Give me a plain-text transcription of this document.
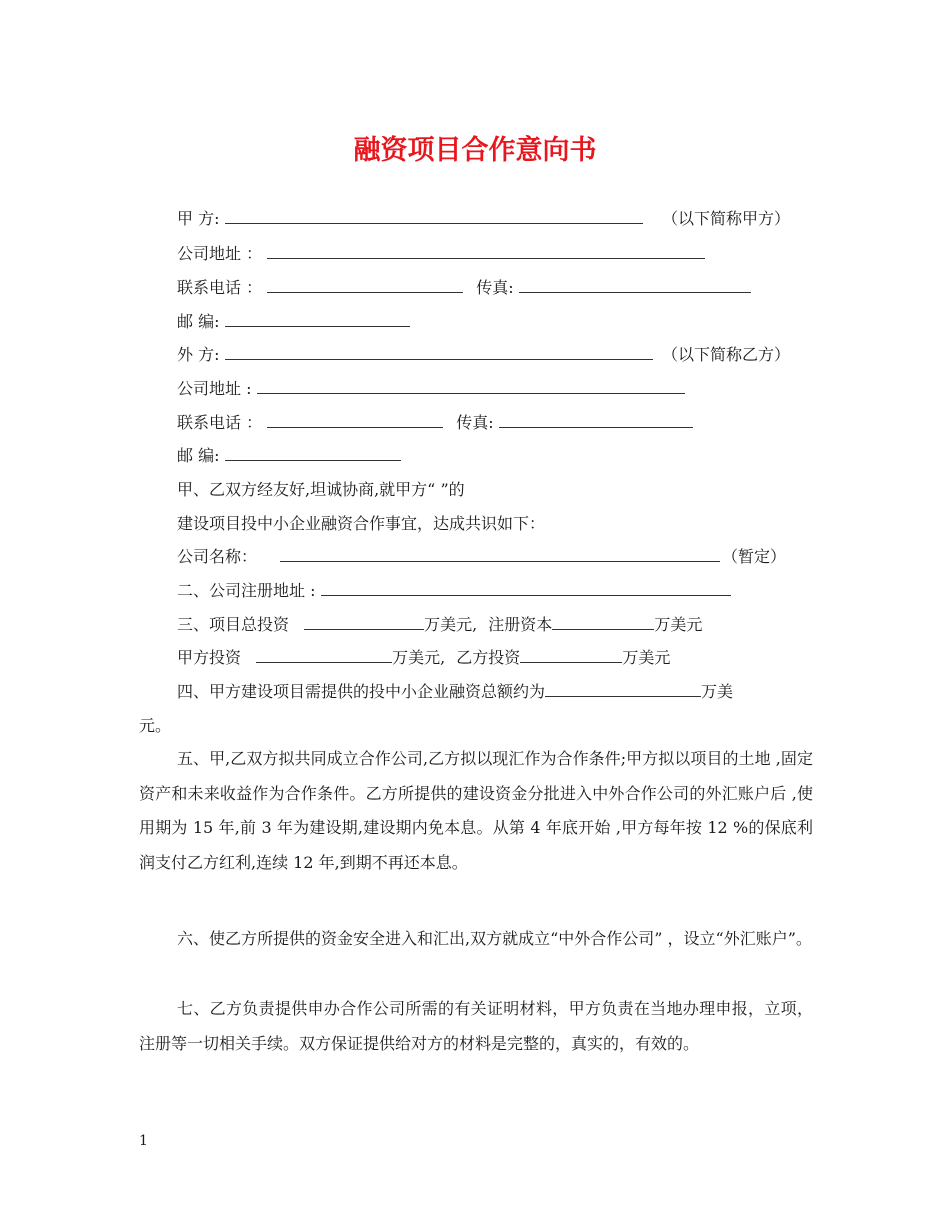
融资项目合作意向书
甲 方:	（以下简称甲方）
公司地址 ：
联系电话 ：	传真:
邮 编:
外 方:	（以下简称乙方）
公司地址 :
联系电话 ：	传真:
邮 编:
甲、乙双方经友好,坦诚协商,就甲方“ ”的
建设项目投中小企业融资合作事宜，达成共识如下：
公司名称：	（暂定）
二、公司注册地址 :
三、项目总投资	万美元, 注册资本	万美元
甲方投资	万美元, 乙方投资	万美元
四、甲方建设项目需提供的投中小企业融资总额约为	万美
元。

五、甲,乙双方拟共同成立合作公司,乙方拟以现汇作为合作条件;甲方拟以项目的土地 ,固定资产和未来收益作为合作条件。乙方所提供的建设资金分批进入中外合作公司的外汇账户后 ,使用期为 15 年,前 3 年为建设期,建设期内免本息。从第 4 年底开始 ,甲方每年按 12 %的保底利润支付乙方红利,连续 12 年,到期不再还本息。

六、使乙方所提供的资金安全进入和汇出,双方就成立“中外合作公司” ，设立“外汇账户”。

七、乙方负责提供申办合作公司所需的有关证明材料，甲方负责在当地办理申报，立项，注册等一切相关手续。双方保证提供给对方的材料是完整的，真实的，有效的。

1
